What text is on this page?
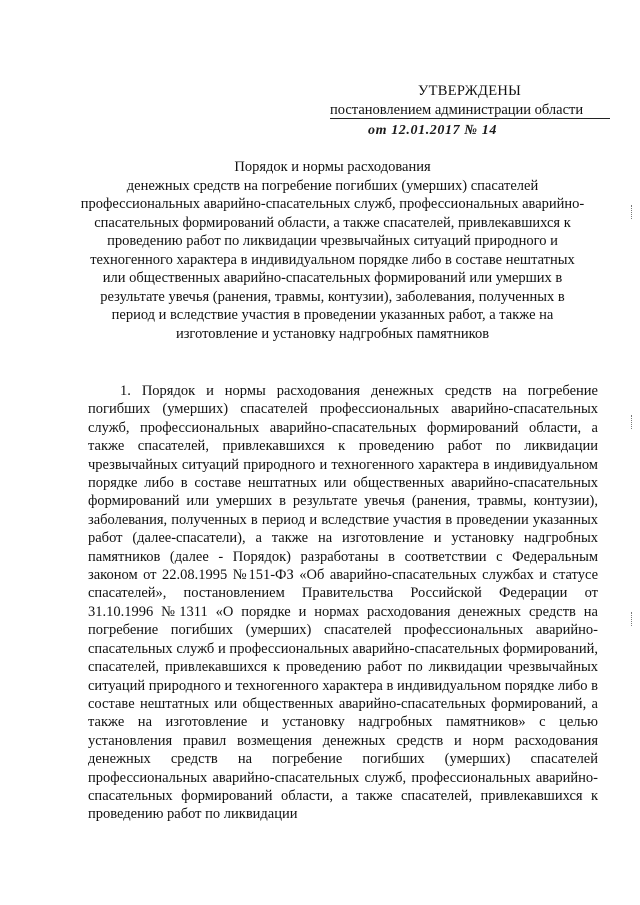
УТВЕРЖДЕНЫ
постановлением администрации области
от 12.01.2017 № 14
Порядок и нормы расходования
денежных средств на погребение погибших (умерших) спасателей профессиональных аварийно-спасательных служб, профессиональных аварийно-спасательных формирований области, а также спасателей, привлекавшихся к проведению работ по ликвидации чрезвычайных ситуаций природного и техногенного характера в индивидуальном порядке либо в составе нештатных или общественных аварийно-спасательных формирований или умерших в результате увечья (ранения, травмы, контузии), заболевания, полученных в период и вследствие участия в проведении указанных работ, а также на изготовление и установку надгробных памятников

1. Порядок и нормы расходования денежных средств на погребение погибших (умерших) спасателей профессиональных аварийно-спасательных служб, профессиональных аварийно-спасательных формирований области, а также спасателей, привлекавшихся к проведению работ по ликвидации чрезвычайных ситуаций природного и техногенного характера в индивидуальном порядке либо в составе нештатных или общественных аварийно-спасательных формирований или умерших в результате увечья (ранения, травмы, контузии), заболевания, полученных в период и вследствие участия в проведении указанных работ (далее-спасатели), а также на изготовление и установку надгробных памятников (далее - Порядок) разработаны в соответствии с Федеральным законом от 22.08.1995 №151-ФЗ «Об аварийно-спасательных службах и статусе спасателей», постановлением Правительства Российской Федерации от 31.10.1996 №1311 «О порядке и нормах расходования денежных средств на погребение погибших (умерших) спасателей профессиональных аварийно-спасательных служб и профессиональных аварийно-спасательных формирований, спасателей, привлекавшихся к проведению работ по ликвидации чрезвычайных ситуаций природного и техногенного характера в индивидуальном порядке либо в составе нештатных или общественных аварийно-спасательных формирований, а также на изготовление и установку надгробных памятников» с целью установления правил возмещения денежных средств и норм расходования денежных средств на погребение погибших (умерших) спасателей профессиональных аварийно-спасательных служб, профессиональных аварийно-спасательных формирований области, а также спасателей, привлекавшихся к проведению работ по ликвидации
